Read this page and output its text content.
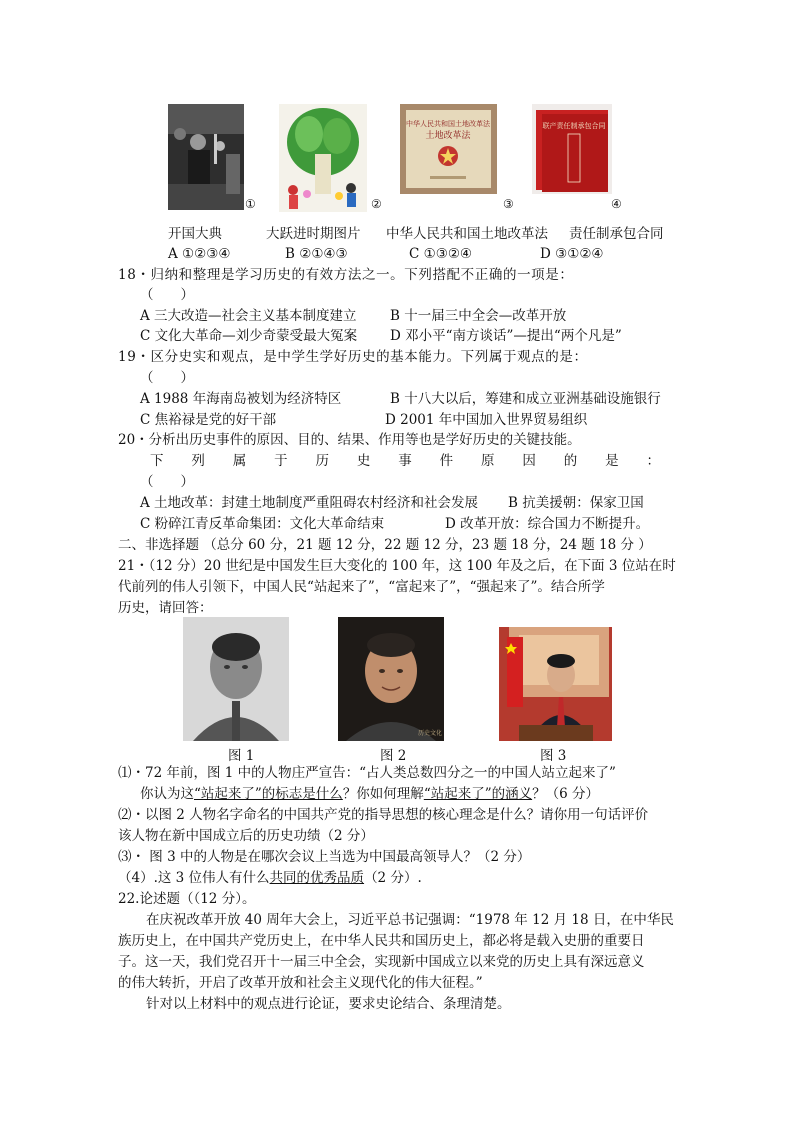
①	②
中华人民共和国土地改革法
土地改革法
③
联产责任制承包合同
④
开国大典	大跃进时期图片 中华人民共和国土地改革法 责任制承包合同
A ①②③④	B ②①④③	C ①③②④	D ③①②④
18・归纳和整理是学习历史的有效方法之一。下列搭配不正确的一项是：
（　　）
A 三大改造—社会主义基本制度建立 B 十一届三中全会—改革开放
C 文化大革命—刘少奇蒙受最大冤案 D 邓小平“南方谈话”—提出“两个凡是”
19・区分史实和观点，是中学生学好历史的基本能力。下列属于观点的是：
（　　）
A 1988 年海南岛被划为经济特区	B 十八大以后，筹建和成立亚洲基础设施银行
C 焦裕禄是党的好干部	D 2001 年中国加入世界贸易组织
20・分析出历史事件的原因、目的、结果、作用等也是学好历史的关键技能。
下 列 属 于 历 史 事 件 原 因 的 是 ：
（　　）
A 土地改革：封建土地制度严重阻碍农村经济和社会发展 B 抗美援朝：保家卫国
C 粉碎江青反革命集团：文化大革命结束	D 改革开放：综合国力不断提升。
二、非选择题 （总分 60 分，21 题 12 分，22 题 12 分，23 题 18 分，24 题 18 分 ）
21・（12 分）20 世纪是中国发生巨大变化的 100 年，这 100 年及之后，在下面 3 位站在时
代前列的伟人引领下，中国人民“站起来了”，“富起来了”，“强起来了”。结合所学
历史，请回答：
历史文化
图 1	图 2	图 3
⑴・72 年前，图 1 中的人物庄严宣告：“占人类总数四分之一的中国人站立起来了”
你认为这“站起来了”的标志是什么？你如何理解“站起来了”的涵义？（6 分）
⑵・以图 2 人物名字命名的中国共产党的指导思想的核心理念是什么？请你用一句话评价
该人物在新中国成立后的历史功绩（2 分）
⑶・ 图 3 中的人物是在哪次会议上当选为中国最高领导人？（2 分）
（4）.这 3 位伟人有什么共同的优秀品质（2 分）.
22.论述题（（12 分）。
在庆祝改革开放 40 周年大会上，习近平总书记强调：“1978 年 12 月 18 日，在中华民
族历史上，在中国共产党历史上，在中华人民共和国历史上，都必将是载入史册的重要日
子。这一天，我们党召开十一届三中全会，实现新中国成立以来党的历史上具有深远意义
的伟大转折，开启了改革开放和社会主义现代化的伟大征程。”
针对以上材料中的观点进行论证，要求史论结合、条理清楚。
